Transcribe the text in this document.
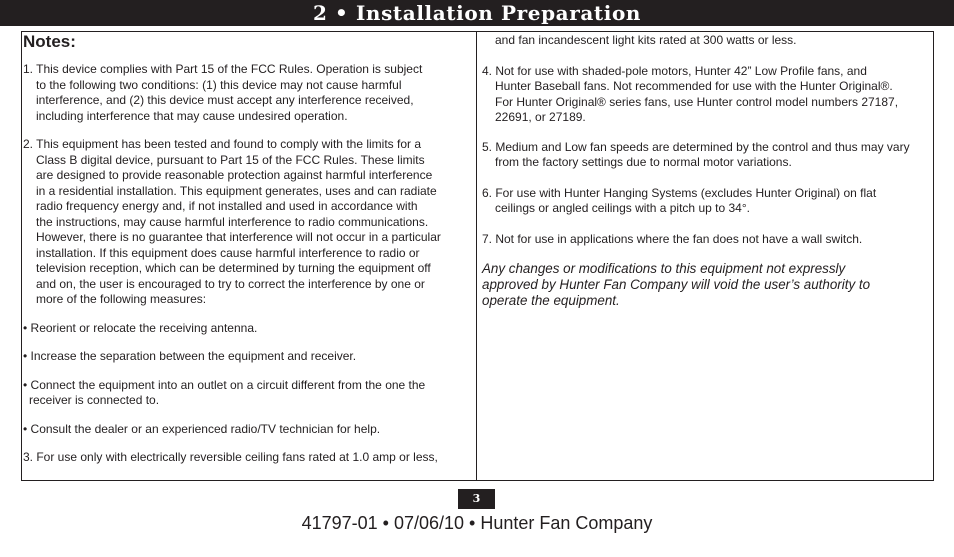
2 • Installation Preparation
Notes:
1. This device complies with Part 15 of the FCC Rules. Operation is subject
to the following two conditions: (1) this device may not cause harmful
interference, and (2) this device must accept any interference received,
including interference that may cause undesired operation.
2. This equipment has been tested and found to comply with the limits for a
Class B digital device, pursuant to Part 15 of the FCC Rules. These limits
are designed to provide reasonable protection against harmful interference
in a residential installation. This equipment generates, uses and can radiate
radio frequency energy and, if not installed and used in accordance with
the instructions, may cause harmful interference to radio communications.
However, there is no guarantee that interference will not occur in a particular
installation. If this equipment does cause harmful interference to radio or
television reception, which can be determined by turning the equipment off
and on, the user is encouraged to try to correct the interference by one or
more of the following measures:
• Reorient or relocate the receiving antenna.
• Increase the separation between the equipment and receiver.
• Connect the equipment into an outlet on a circuit different from the one the
receiver is connected to.
• Consult the dealer or an experienced radio/TV technician for help.
3. For use only with electrically reversible ceiling fans rated at 1.0 amp or less,
and fan incandescent light kits rated at 300 watts or less.
4. Not for use with shaded-pole motors, Hunter 42” Low Profile fans, and
Hunter Baseball fans. Not recommended for use with the Hunter Original®.
For Hunter Original® series fans, use Hunter control model numbers 27187,
22691, or 27189.
5. Medium and Low fan speeds are determined by the control and thus may vary
from the factory settings due to normal motor variations.
6. For use with Hunter Hanging Systems (excludes Hunter Original) on flat
ceilings or angled ceilings with a pitch up to 34°.
7. Not for use in applications where the fan does not have a wall switch.
Any changes or modifications to this equipment not expressly
approved by Hunter Fan Company will void the user’s authority to
operate the equipment.
3
41797-01 • 07/06/10 • Hunter Fan Company
